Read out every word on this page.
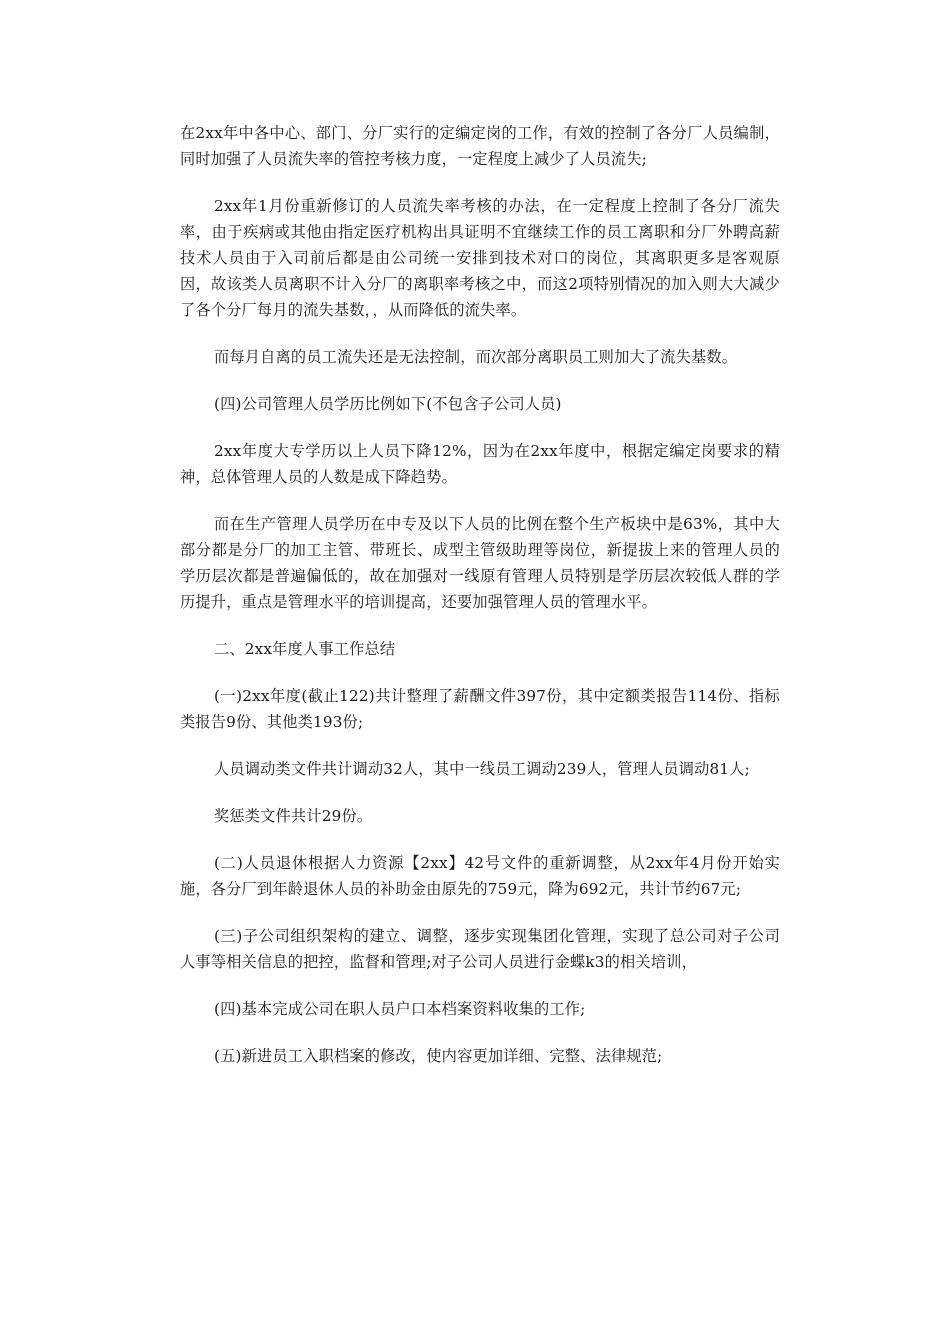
在2xx年中各中心、部门、分厂实行的定编定岗的工作，有效的控制了各分厂人员编制，同时加强了人员流失率的管控考核力度，一定程度上减少了人员流失;

2xx年1月份重新修订的人员流失率考核的办法，在一定程度上控制了各分厂流失率，由于疾病或其他由指定医疗机构出具证明不宜继续工作的员工离职和分厂外聘高薪技术人员由于入司前后都是由公司统一安排到技术对口的岗位，其离职更多是客观原因，故该类人员离职不计入分厂的离职率考核之中，而这2项特别情况的加入则大大减少了各个分厂每月的流失基数，，从而降低的流失率。

而每月自离的员工流失还是无法控制，而次部分离职员工则加大了流失基数。

(四)公司管理人员学历比例如下(不包含子公司人员)

2xx年度大专学历以上人员下降12%，因为在2xx年度中，根据定编定岗要求的精神，总体管理人员的人数是成下降趋势。

而在生产管理人员学历在中专及以下人员的比例在整个生产板块中是63%，其中大部分都是分厂的加工主管、带班长、成型主管级助理等岗位，新提拔上来的管理人员的学历层次都是普遍偏低的，故在加强对一线原有管理人员特别是学历层次较低人群的学历提升，重点是管理水平的培训提高，还要加强管理人员的管理水平。

二、2xx年度人事工作总结

(一)2xx年度(截止122)共计整理了薪酬文件397份，其中定额类报告114份、指标类报告9份、其他类193份;

人员调动类文件共计调动32人，其中一线员工调动239人，管理人员调动81人;

奖惩类文件共计29份。

(二)人员退休根据人力资源【2xx】42号文件的重新调整，从2xx年4月份开始实施，各分厂到年龄退休人员的补助金由原先的759元，降为692元，共计节约67元;

(三)子公司组织架构的建立、调整，逐步实现集团化管理，实现了总公司对子公司人事等相关信息的把控，监督和管理;对子公司人员进行金蝶k3的相关培训，

(四)基本完成公司在职人员户口本档案资料收集的工作;

(五)新进员工入职档案的修改，使内容更加详细、完整、法律规范;
